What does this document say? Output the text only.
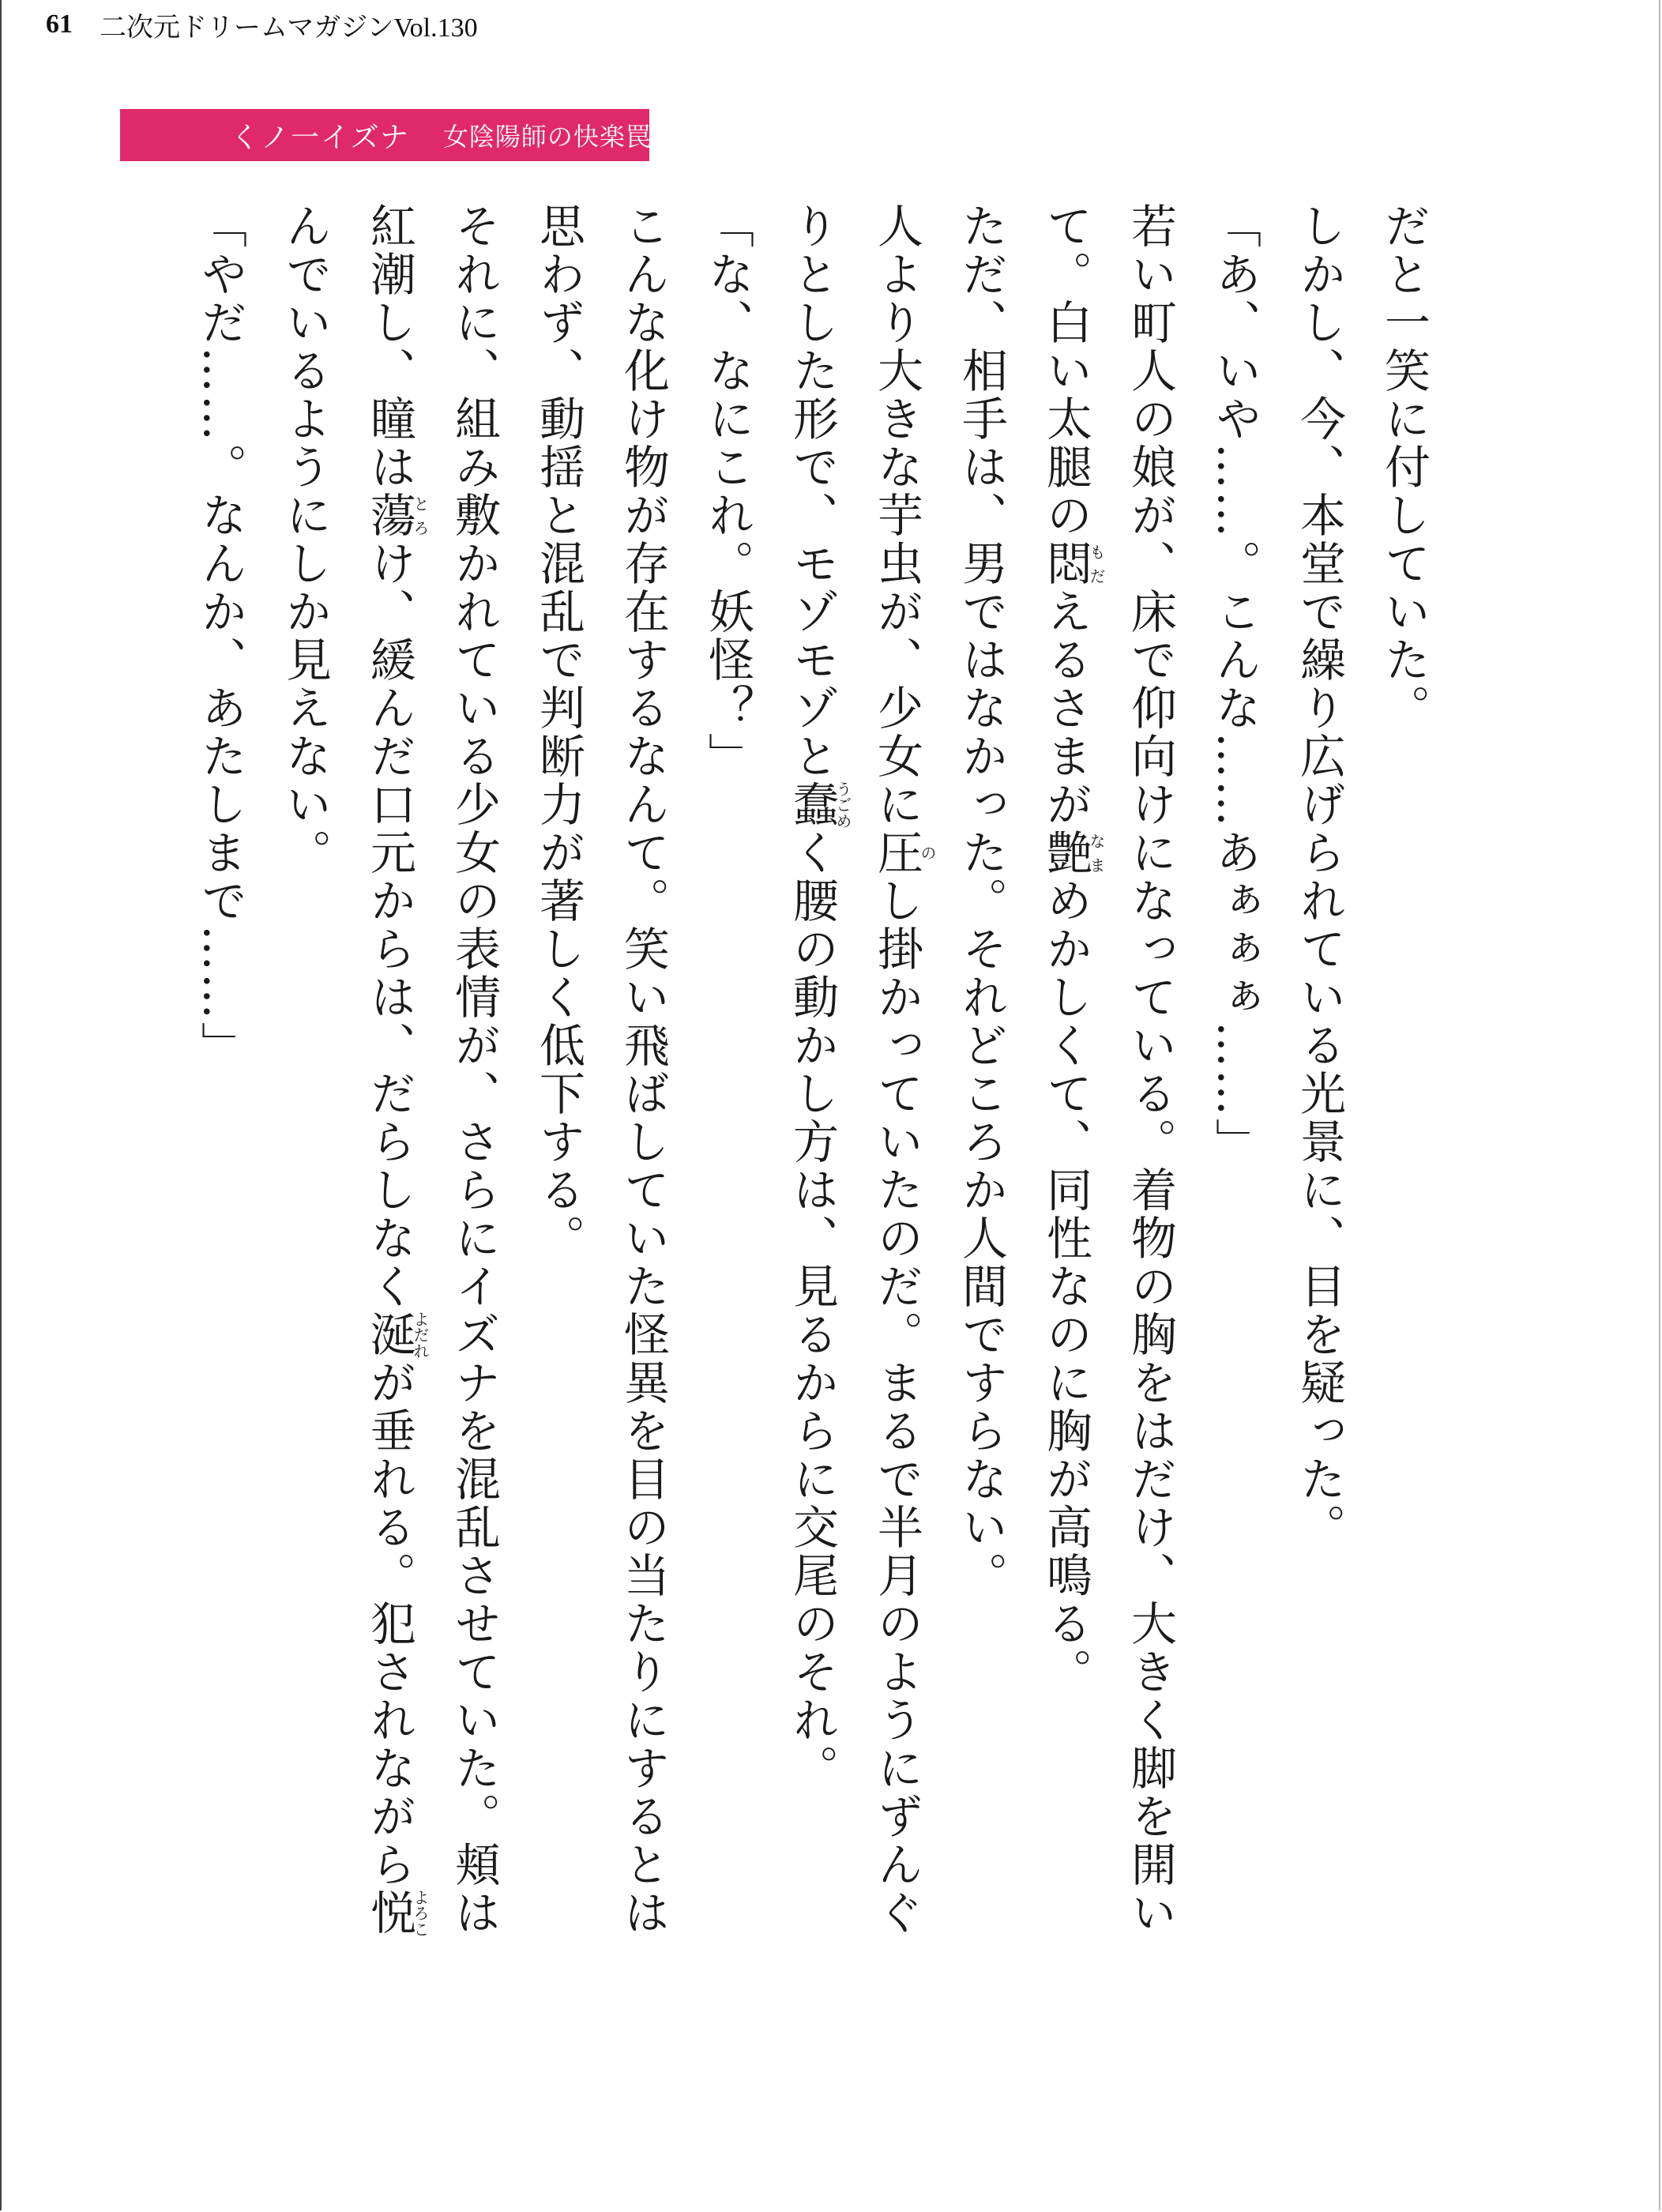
61 二次元ドリームマガジンVol.130
くノ一イズナ 女陰陽師の快楽罠

だと一笑に付していた。

しかし、今、本堂で繰り広げられている光景に、目を疑った。

「あ、いや……。こんな……あぁぁぁ……」

若い町人の娘が、床で仰向けになっている。着物の胸をはだけ、大きく脚を開いて。白い太腿の悶もだえるさまが艶なまめかしくて、同性なのに胸が高鳴る。

ただ、相手は、男ではなかった。それどころか人間ですらない。

人より大きな芋虫が、少女に圧のし掛かっていたのだ。まるで半月のようにずんぐりとした形で、モゾモゾと蠢うごめく腰の動かし方は、見るからに交尾のそれ。

「な、なにこれ。妖怪？」

こんな化け物が存在するなんて。笑い飛ばしていた怪異を目の当たりにするとは思わず、動揺と混乱で判断力が著しく低下する。

それに、組み敷かれている少女の表情が、さらにイズナを混乱させていた。頬は紅潮し、瞳は蕩とろけ、緩んだ口元からは、だらしなく涎よだれが垂れる。犯されながら悦よろこんでいるようにしか見えない。

「やだ……。なんか、あたしまで……」
